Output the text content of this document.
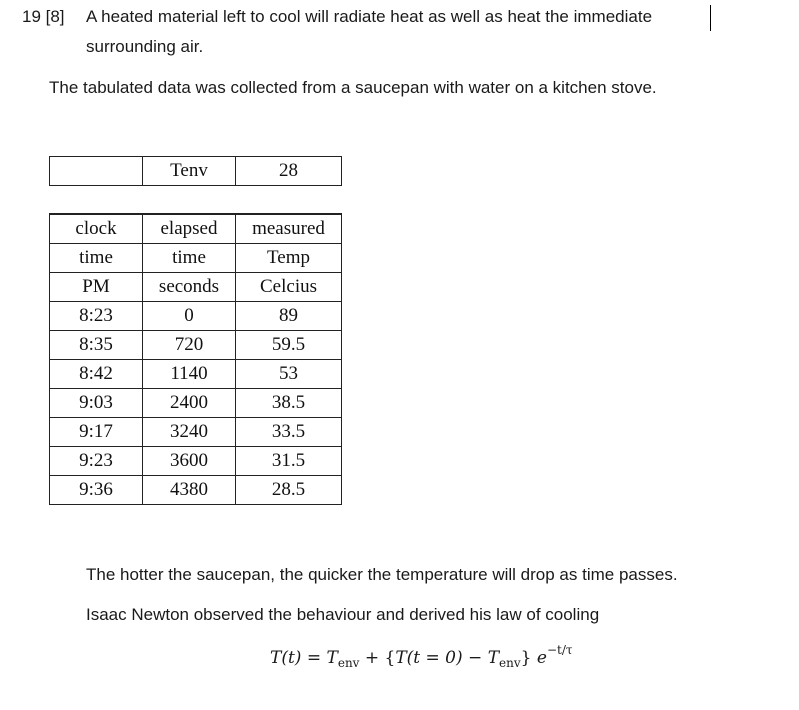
19 [8] A heated material left to cool will radiate heat as well as heat the immediate
surrounding air.
The tabulated data was collected from a saucepan with water on a kitchen stove.
	Tenv	28
clock	elapsed	measured
time	time	Temp
PM	seconds	Celcius
8:23	0	89
8:35	720	59.5
8:42	1140	53
9:03	2400	38.5
9:17	3240	33.5
9:23	3600	31.5
9:36	4380	28.5
The hotter the saucepan, the quicker the temperature will drop as time passes.
Isaac Newton observed the behaviour and derived his law of cooling
$T(t) = T_{env} + \{T(t = 0) - T_{env}\}$ $e^{-t/\tau}$
